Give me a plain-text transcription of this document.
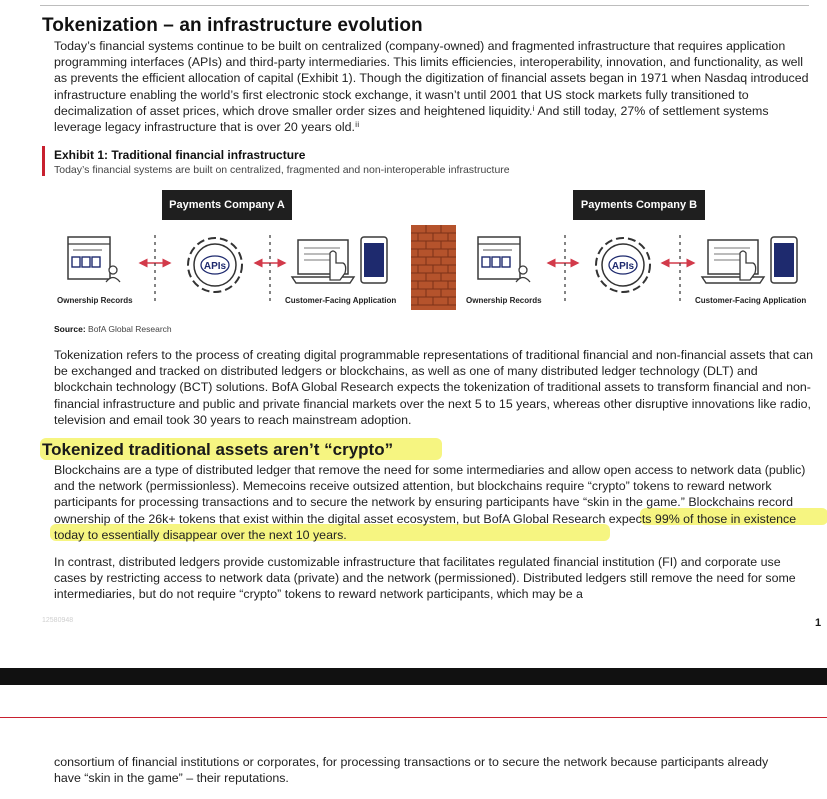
Tokenization – an infrastructure evolution
Today’s financial systems continue to be built on centralized (company-owned) and fragmented infrastructure that requires application programming interfaces (APIs) and third-party intermediaries. This limits efficiencies, interoperability, innovation, and functionality, as well as prevents the efficient allocation of capital (Exhibit 1). Though the digitization of financial assets began in 1971 when Nasdaq introduced infrastructure enabling the world’s first electronic stock exchange, it wasn’t until 2001 that US stock markets fully transitioned to decimalization of asset prices, which drove smaller order sizes and heightened liquidity.ⁱ And still today, 27% of settlement systems leverage legacy infrastructure that is over 20 years old.ⁱⁱ
Exhibit 1: Traditional financial infrastructure
Today’s financial systems are built on centralized, fragmented and non-interoperable infrastructure
Payments Company A	Payments Company B
APIs	APIs
Ownership Records	Customer-Facing Application	Ownership Records	Customer-Facing Application
Source: BofA Global Research
Tokenization refers to the process of creating digital programmable representations of traditional financial and non-financial assets that can be exchanged and tracked on distributed ledgers or blockchains, as well as one of many distributed ledger technology (DLT) and blockchain technology (BCT) solutions. BofA Global Research expects the tokenization of traditional assets to transform financial and non-financial infrastructure and public and private financial markets over the next 5 to 15 years, whereas other disruptive innovations like radio, television and email took 30 years to reach mainstream adoption.
Tokenized traditional assets aren’t “crypto”
Blockchains are a type of distributed ledger that remove the need for some intermediaries and allow open access to network data (public) and the network (permissionless). Memecoins receive outsized attention, but blockchains require “crypto” tokens to reward network participants for processing transactions and to secure the network by ensuring participants have “skin in the game.” Blockchains record ownership of the 26k+ tokens that exist within the digital asset ecosystem, but BofA Global Research expects 99% of those in existence today to essentially disappear over the next 10 years.
In contrast, distributed ledgers provide customizable infrastructure that facilitates regulated financial institution (FI) and corporate use cases by restricting access to network data (private) and the network (permissioned). Distributed ledgers still remove the need for some intermediaries, but do not require “crypto” tokens to reward network participants, which may be a
12580948	1
consortium of financial institutions or corporates, for processing transactions or to secure the network because participants already have “skin in the game” – their reputations.
